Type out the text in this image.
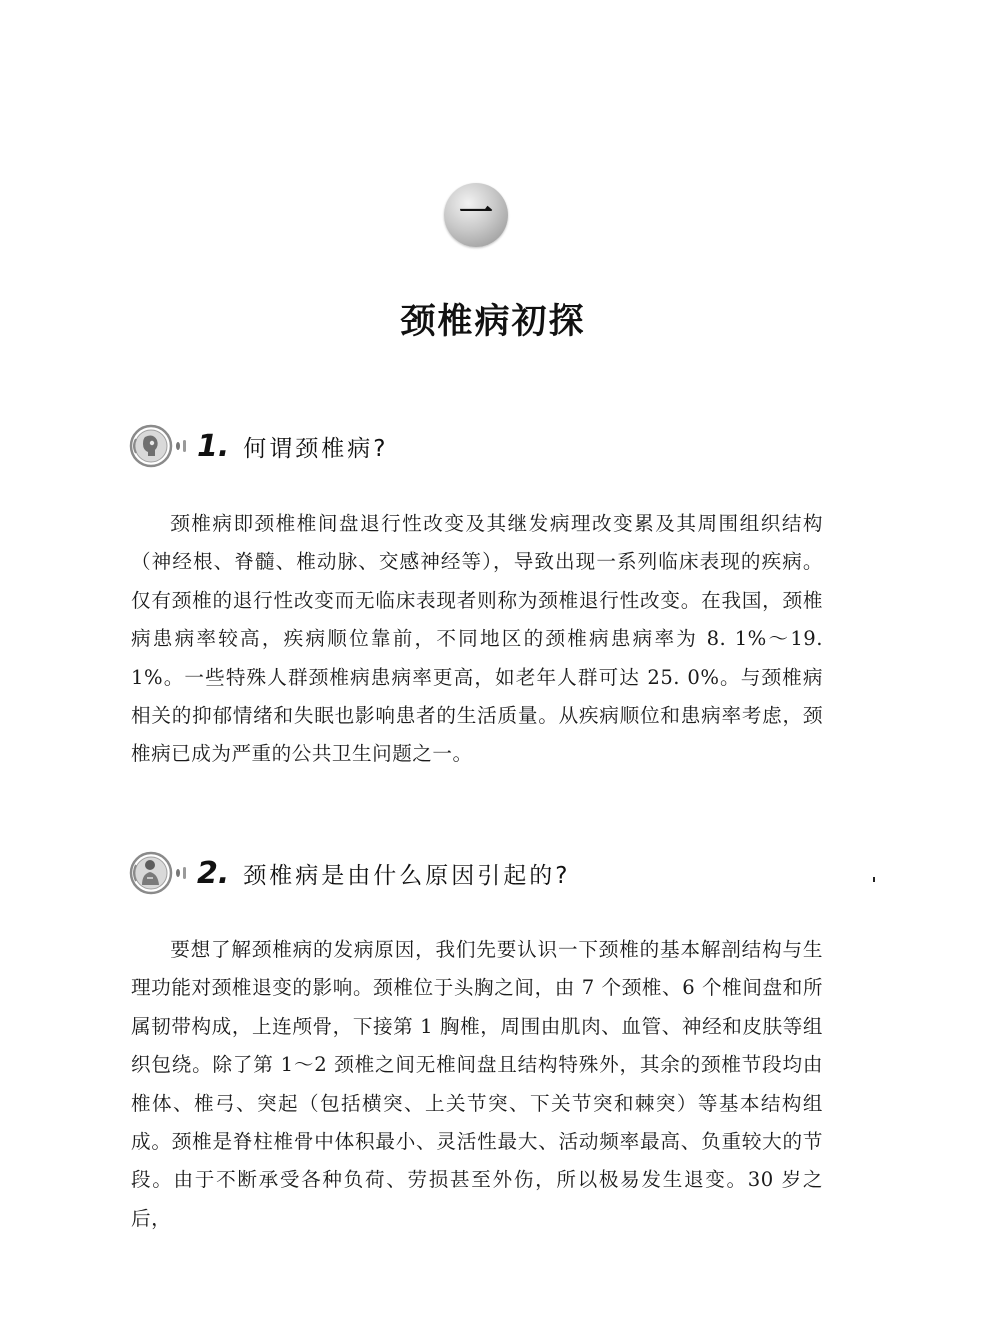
一
颈椎病初探
1. 何谓颈椎病?

颈椎病即颈椎椎间盘退行性改变及其继发病理改变累及其周围组织结构（神经根、脊髓、椎动脉、交感神经等），导致出现一系列临床表现的疾病。仅有颈椎的退行性改变而无临床表现者则称为颈椎退行性改变。在我国，颈椎病患病率较高，疾病顺位靠前，不同地区的颈椎病患病率为 8. 1%～19. 1%。一些特殊人群颈椎病患病率更高，如老年人群可达 25. 0%。与颈椎病相关的抑郁情绪和失眠也影响患者的生活质量。从疾病顺位和患病率考虑，颈椎病已成为严重的公共卫生问题之一。

2. 颈椎病是由什么原因引起的?

要想了解颈椎病的发病原因，我们先要认识一下颈椎的基本解剖结构与生理功能对颈椎退变的影响。颈椎位于头胸之间，由 7 个颈椎、6 个椎间盘和所属韧带构成，上连颅骨，下接第 1 胸椎，周围由肌肉、血管、神经和皮肤等组织包绕。除了第 1～2 颈椎之间无椎间盘且结构特殊外，其余的颈椎节段均由椎体、椎弓、突起（包括横突、上关节突、下关节突和棘突）等基本结构组成。颈椎是脊柱椎骨中体积最小、灵活性最大、活动频率最高、负重较大的节段。由于不断承受各种负荷、劳损甚至外伤，所以极易发生退变。30 岁之后，
